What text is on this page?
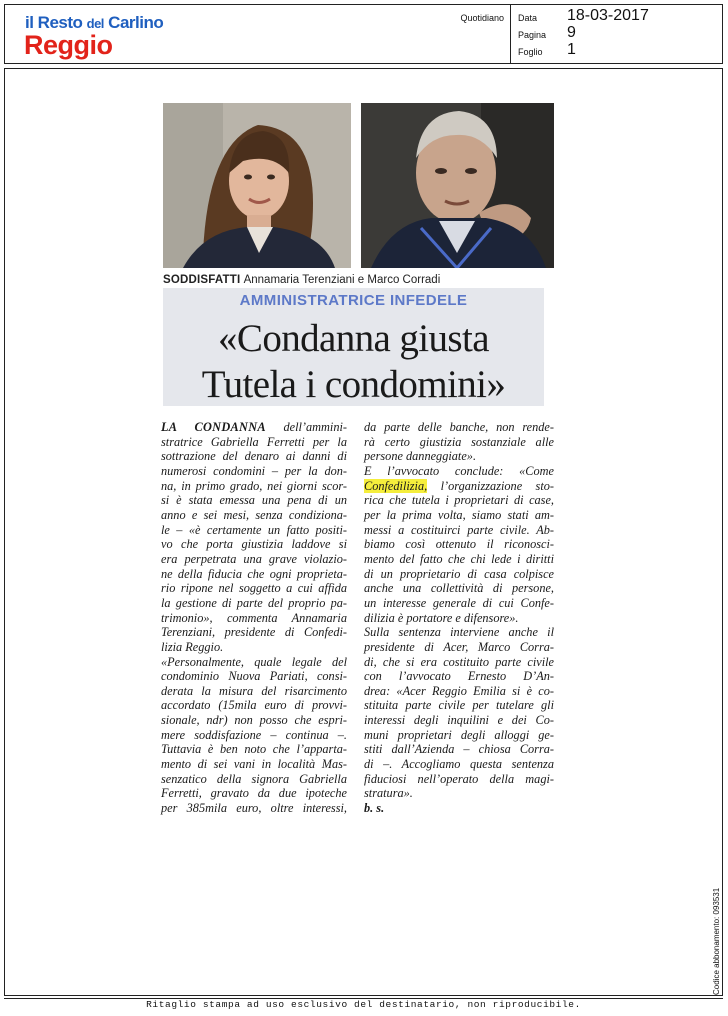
il Resto del Carlino
Reggio
Quotidiano Data 18-03-2017
Pagina 9
Foglio 1
SODDISFATTI Annamaria Terenziani e Marco Corradi
AMMINISTRATRICE INFEDELE
«Condanna giusta
Tutela i condomini»
LA CONDANNA dell’ammini-
stratrice Gabriella Ferretti per la
sottrazione del denaro ai danni di
numerosi condomini – per la don-
na, in primo grado, nei giorni scor-
si è stata emessa una pena di un
anno e sei mesi, senza condiziona-
le – «è certamente un fatto positi-
vo che porta giustizia laddove si
era perpetrata una grave violazio-
ne della fiducia che ogni proprieta-
rio ripone nel soggetto a cui affida
la gestione di parte del proprio pa-
trimonio», commenta Annamaria
Terenziani, presidente di Confedi-
lizia Reggio.
«Personalmente, quale legale del
condominio Nuova Pariati, consi-
derata la misura del risarcimento
accordato (15mila euro di provvi-
sionale, ndr) non posso che espri-
mere soddisfazione – continua –.
Tuttavia è ben noto che l’apparta-
mento di sei vani in località Mas-
senzatico della signora Gabriella
Ferretti, gravato da due ipoteche
per 385mila euro, oltre interessi,
da parte delle banche, non rende-
rà certo giustizia sostanziale alle
persone danneggiate».
E l’avvocato conclude: «Come
Confedilizia, l’organizzazione sto-
rica che tutela i proprietari di case,
per la prima volta, siamo stati am-
messi a costituirci parte civile. Ab-
biamo così ottenuto il riconosci-
mento del fatto che chi lede i diritti
di un proprietario di casa colpisce
anche una collettività di persone,
un interesse generale di cui Confe-
dilizia è portatore e difensore».
Sulla sentenza interviene anche il
presidente di Acer, Marco Corra-
di, che si era costituito parte civile
con l’avvocato Ernesto D’An-
drea: «Acer Reggio Emilia si è co-
stituita parte civile per tutelare gli
interessi degli inquilini e dei Co-
muni proprietari degli alloggi ge-
stiti dall’Azienda – chiosa Corra-
di –. Accogliamo questa sentenza
fiduciosi nell’operato della magi-
stratura».
b. s.
Codice abbonamento: 093531
Ritaglio stampa ad uso esclusivo del destinatario, non riproducibile.
